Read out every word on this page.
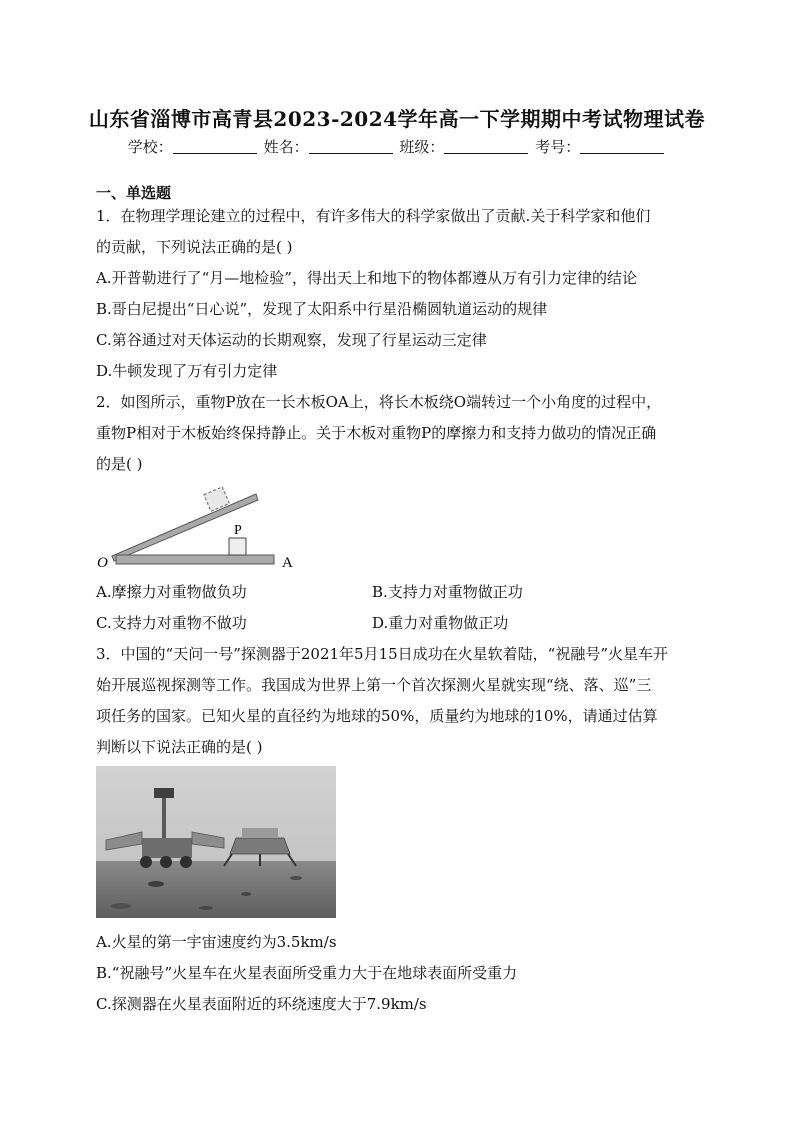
山东省淄博市高青县2023-2024学年高一下学期期中考试物理试卷
学校：	姓名：	班级：	考号：
一、单选题
1．在物理学理论建立的过程中，有许多伟大的科学家做出了贡献.关于科学家和他们
的贡献，下列说法正确的是( )
A.开普勒进行了“月—地检验”，得出天上和地下的物体都遵从万有引力定律的结论
B.哥白尼提出“日心说”，发现了太阳系中行星沿椭圆轨道运动的规律
C.第谷通过对天体运动的长期观察，发现了行星运动三定律
D.牛顿发现了万有引力定律
2．如图所示，重物P放在一长木板OA上，将长木板绕O端转过一个小角度的过程中，
重物P相对于木板始终保持静止。关于木板对重物P的摩擦力和支持力做功的情况正确
的是( )
P
O	A
A.摩擦力对重物做负功	B.支持力对重物做正功
C.支持力对重物不做功	D.重力对重物做正功
3．中国的“天问一号”探测器于2021年5月15日成功在火星软着陆，“祝融号”火星车开
始开展巡视探测等工作。我国成为世界上第一个首次探测火星就实现“绕、落、巡”三
项任务的国家。已知火星的直径约为地球的50%，质量约为地球的10%，请通过估算
判断以下说法正确的是( )
A.火星的第一宇宙速度约为3.5km/s
B.“祝融号”火星车在火星表面所受重力大于在地球表面所受重力
C.探测器在火星表面附近的环绕速度大于7.9km/s
